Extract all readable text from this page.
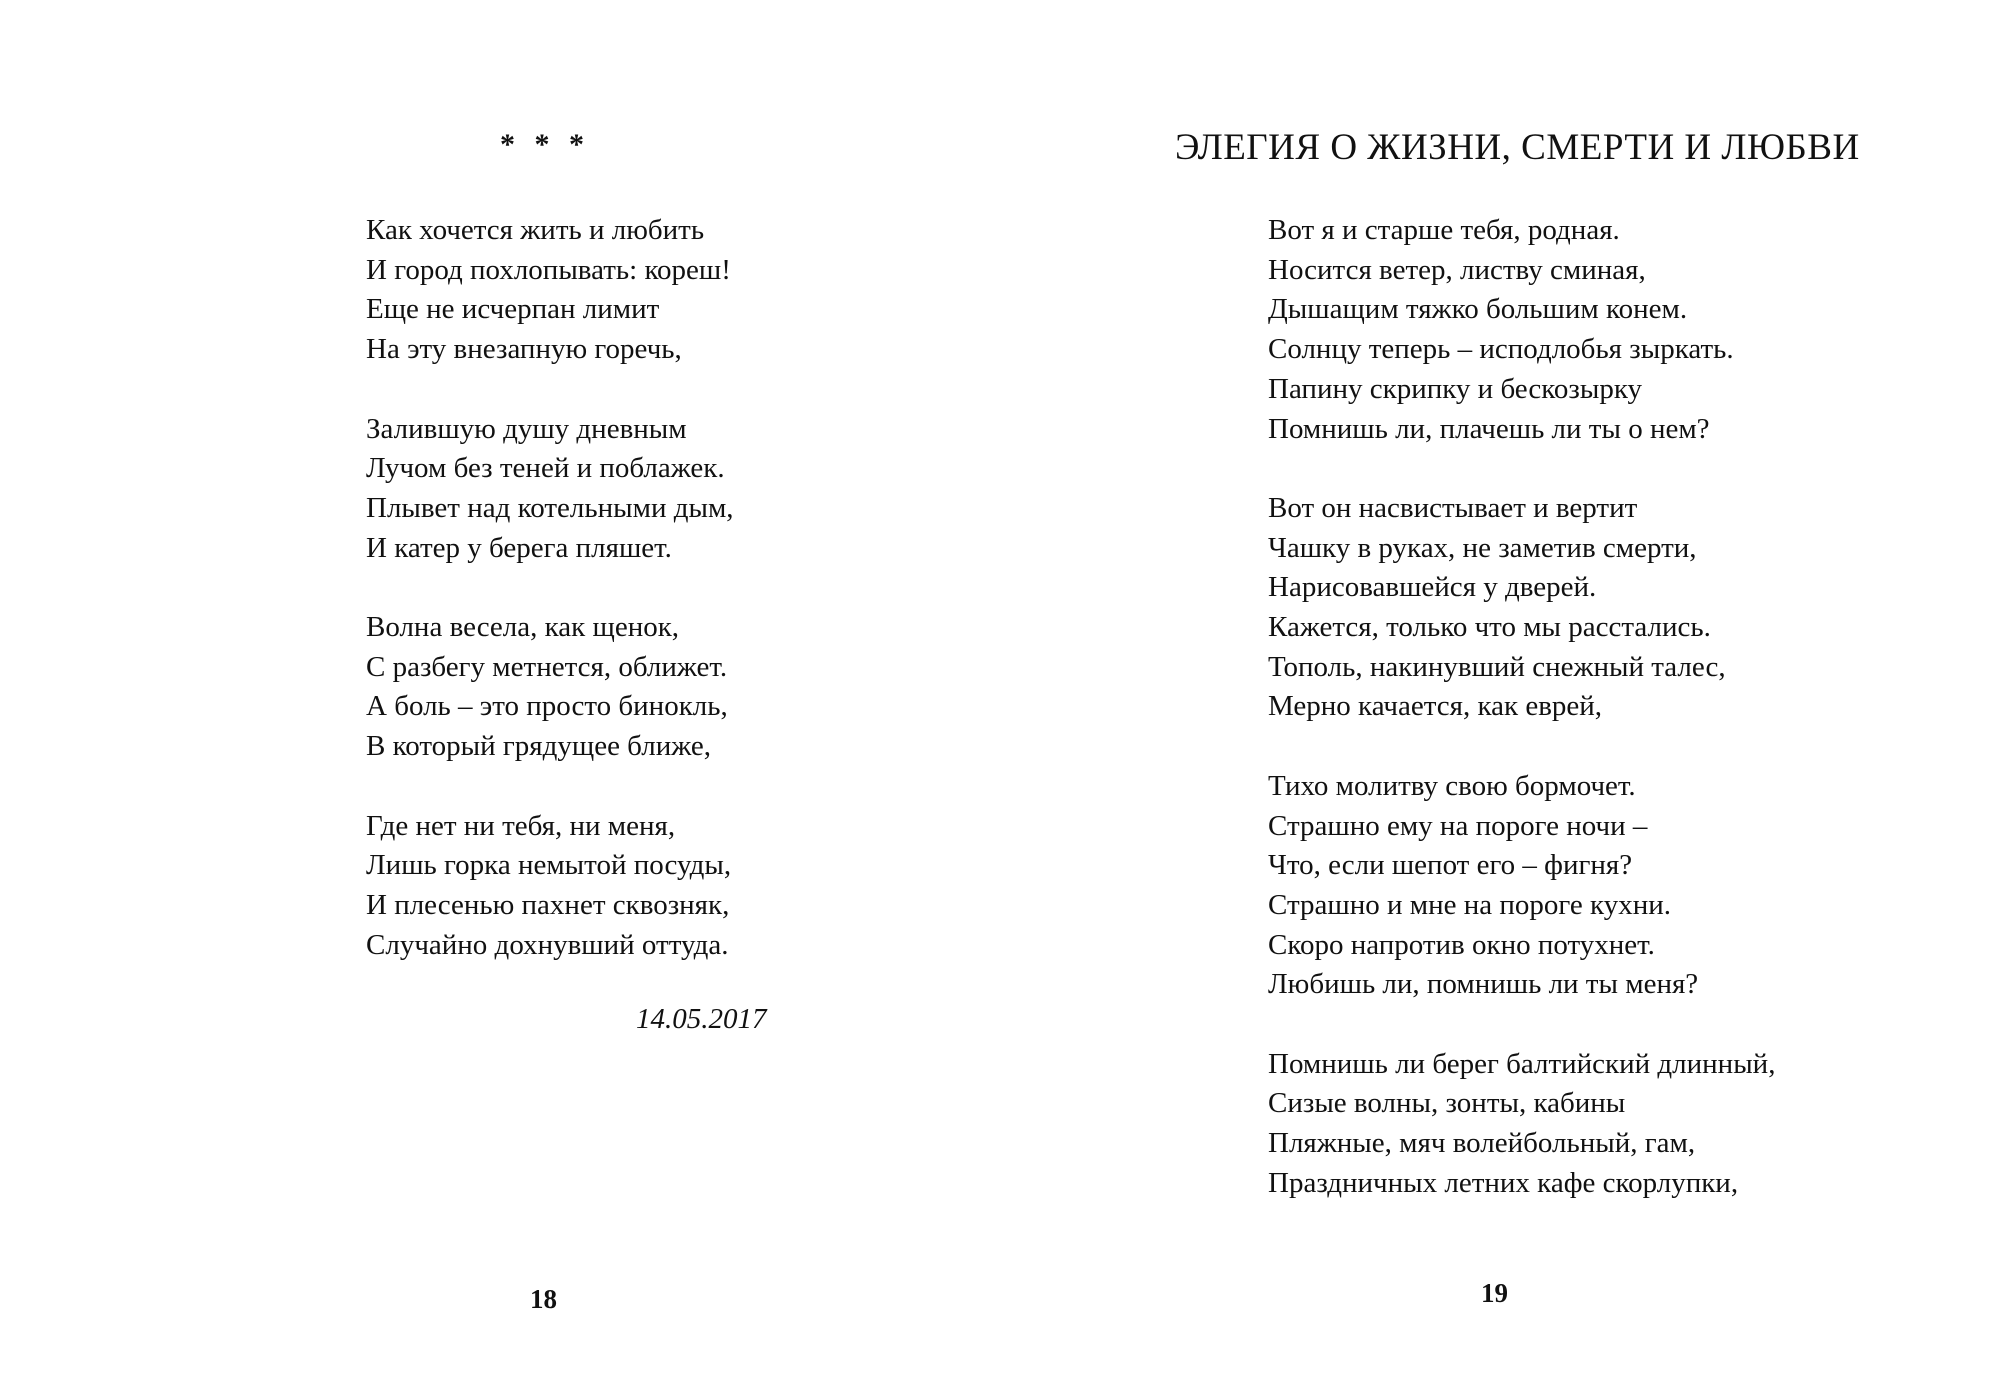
* * *
Как хочется жить и любить
И город похлопывать: кореш!
Еще не исчерпан лимит
На эту внезапную горечь,
Залившую душу дневным
Лучом без теней и поблажек.
Плывет над котельными дым,
И катер у берега пляшет.
Волна весела, как щенок,
С разбегу метнется, оближет.
А боль – это просто бинокль,
В который грядущее ближе,
Где нет ни тебя, ни меня,
Лишь горка немытой посуды,
И плесенью пахнет сквозняк,
Случайно дохнувший оттуда.
14.05.2017
18
ЭЛЕГИЯ О ЖИЗНИ, СМЕРТИ И ЛЮБВИ
Вот я и старше тебя, родная.
Носится ветер, листву сминая,
Дышащим тяжко большим конем.
Солнцу теперь – исподлобья зыркать.
Папину скрипку и бескозырку
Помнишь ли, плачешь ли ты о нем?
Вот он насвистывает и вертит
Чашку в руках, не заметив смерти,
Нарисовавшейся у дверей.
Кажется, только что мы расстались.
Тополь, накинувший снежный талес,
Мерно качается, как еврей,
Тихо молитву свою бормочет.
Страшно ему на пороге ночи –
Что, если шепот его – фигня?
Страшно и мне на пороге кухни.
Скоро напротив окно потухнет.
Любишь ли, помнишь ли ты меня?
Помнишь ли берег балтийский длинный,
Сизые волны, зонты, кабины
Пляжные, мяч волейбольный, гам,
Праздничных летних кафе скорлупки,
19
